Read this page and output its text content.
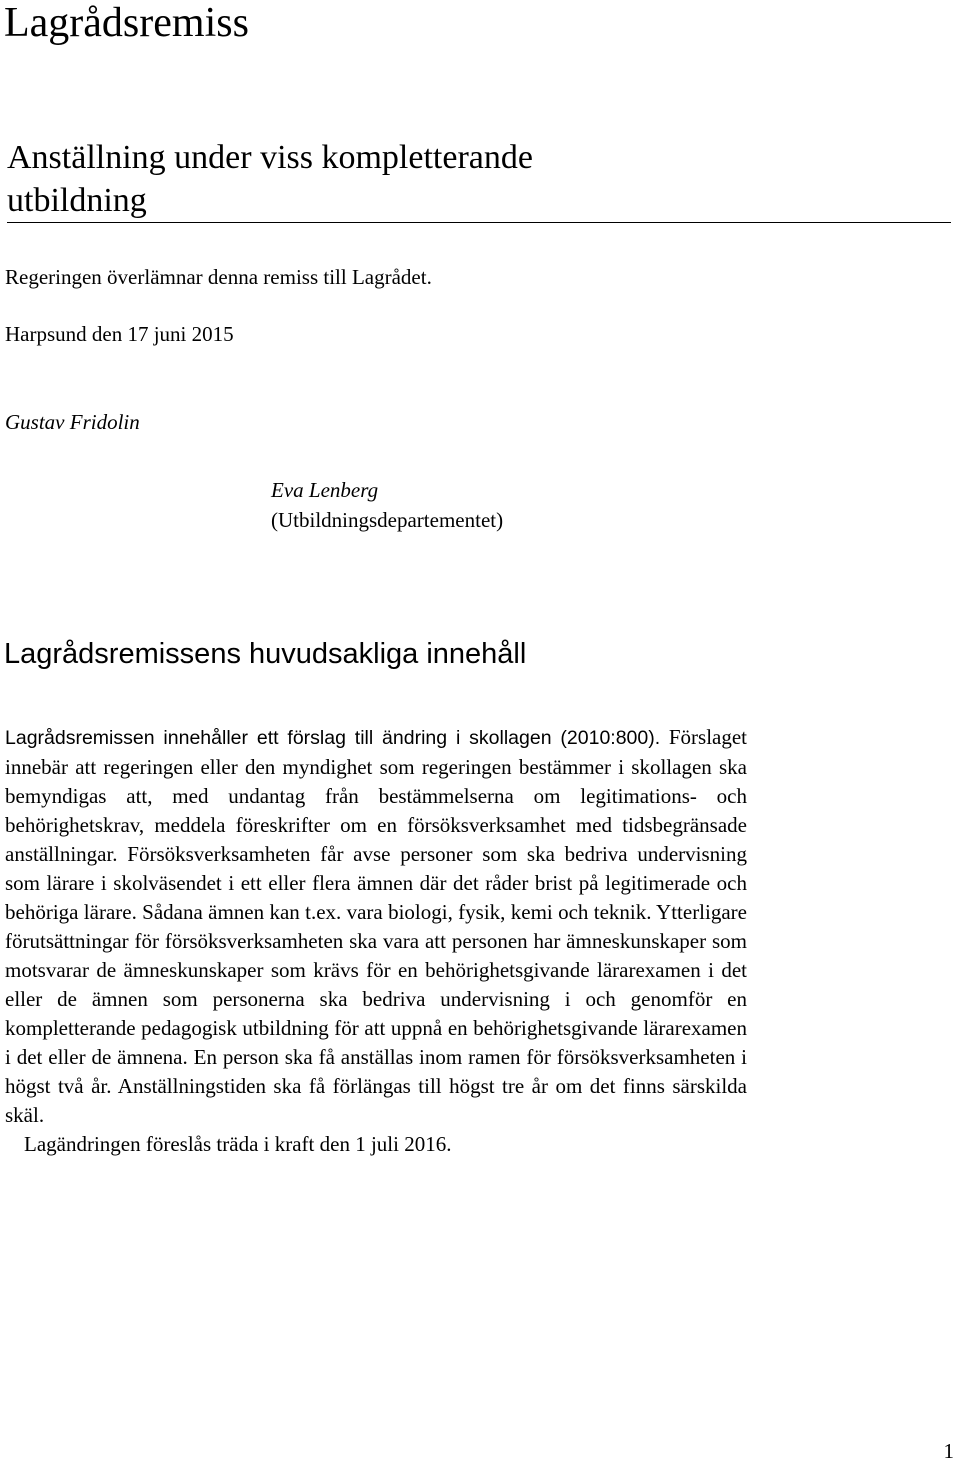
Lagrådsremiss
Anställning under viss kompletterande
utbildning

Regeringen överlämnar denna remiss till Lagrådet.

Harpsund den 17 juni 2015

Gustav Fridolin

Eva Lenberg

(Utbildningsdepartementet)

Lagrådsremissens huvudsakliga innehåll

Lagrådsremissen innehåller ett förslag till ändring i skollagen (2010:800). Förslaget innebär att regeringen eller den myndighet som regeringen bestämmer i skollagen ska bemyndigas att, med undantag från bestämmelserna om legitimations- och behörighetskrav, meddela föreskrifter om en försöksverksamhet med tidsbegränsade anställningar. Försöksverksamheten får avse personer som ska bedriva undervisning som lärare i skolväsendet i ett eller flera ämnen där det råder brist på legitimerade och behöriga lärare. Sådana ämnen kan t.ex. vara biologi, fysik, kemi och teknik. Ytterligare förutsättningar för försöksverksamheten ska vara att personen har ämneskunskaper som motsvarar de ämneskunskaper som krävs för en behörighetsgivande lärarexamen i det eller de ämnen som personerna ska bedriva undervisning i och genomför en kompletterande pedagogisk utbildning för att uppnå en behörighetsgivande lärarexamen i det eller de ämnena. En person ska få anställas inom ramen för försöksverksamheten i högst två år. Anställningstiden ska få förlängas till högst tre år om det finns särskilda skäl.

Lagändringen föreslås träda i kraft den 1 juli 2016.

1
